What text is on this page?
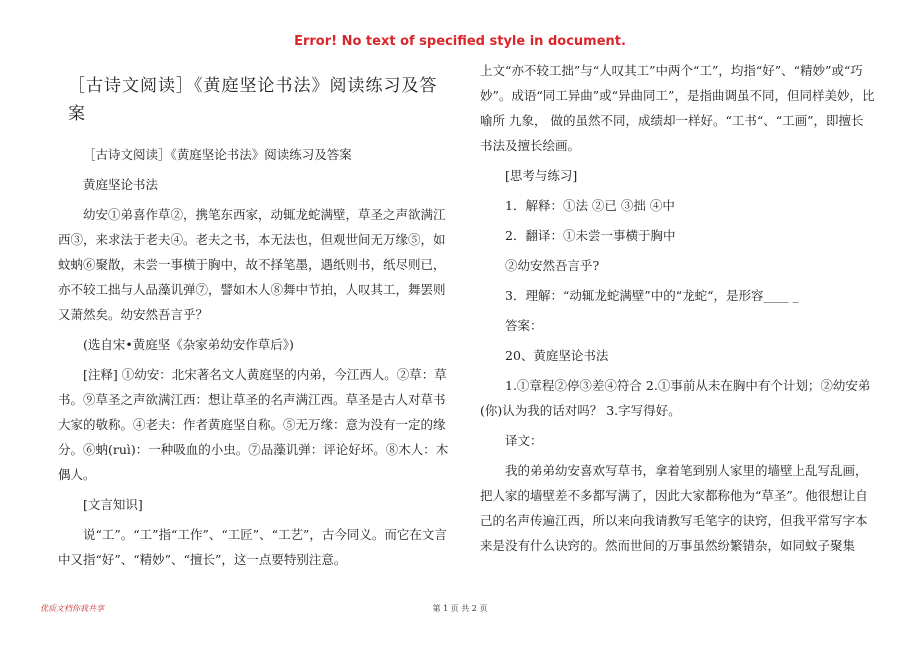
Error! No text of specified style in document.
［古诗文阅读］《黄庭坚论书法》阅读练习及答案

［古诗文阅读］《黄庭坚论书法》阅读练习及答案

黄庭坚论书法

幼安①弟喜作草②，携笔东西家，动辄龙蛇满壁，草圣之声欲满江西③，来求法于老夫④。老夫之书，本无法也，但观世间无万缘⑤，如蚊蚋⑥聚散，未尝一事横于胸中，故不择笔墨，遇纸则书，纸尽则已，亦不较工拙与人品藻讥弹⑦，譬如木人⑧舞中节拍，人叹其工，舞罢则又萧然矣。幼安然吾言乎？

(选自宋•黄庭坚《杂家弟幼安作草后》)

[注释] ①幼安：北宋著名文人黄庭坚的内弟，今江西人。②草：草书。⑨草圣之声欲满江西：想让草圣的名声满江西。草圣是古人对草书大家的敬称。④老夫：作者黄庭坚自称。⑤无万缘：意为没有一定的缘分。⑥蚋(ruì)：一种吸血的小虫。⑦品藻讥弹：评论好坏。⑧木人：木偶人。

[文言知识]

说“工”。“工”指“工作”、“工匠”、“工艺”，古今同义。而它在文言中又指“好”、“精妙”、“擅长”，这一点要特别注意。

上文“亦不较工拙”与“人叹其工”中两个“工”，均指“好”、“精妙”或“巧妙”。成语“同工异曲”或“异曲同工”，是指曲调虽不同，但同样美妙，比喻所 九象， 做的虽然不同，成绩却一样好。“工书“、“工画”，即擅长书法及擅长绘画。

[思考与练习]

1．解释：①法 ②已 ③拙 ④中

2．翻译：①未尝一事横于胸中

②幼安然吾言乎?

3．理解：“动辄龙蛇满壁”中的“龙蛇“，是形容____ _

答案：

20、黄庭坚论书法

1.①章程②停③差④符合 2.①事前从未在胸中有个计划；②幼安弟(你)认为我的话对吗？ 3.字写得好。

译文：

我的弟弟幼安喜欢写草书，拿着笔到别人家里的墙壁上乱写乱画，把人家的墙壁差不多都写满了，因此大家都称他为“草圣”。他很想让自己的名声传遍江西，所以来向我请教写毛笔字的诀窍，但我平常写字本来是没有什么诀窍的。然而世间的万事虽然纷繁错杂，如同蚊子聚集

优质文档你我共享	第 1 页 共 2 页
